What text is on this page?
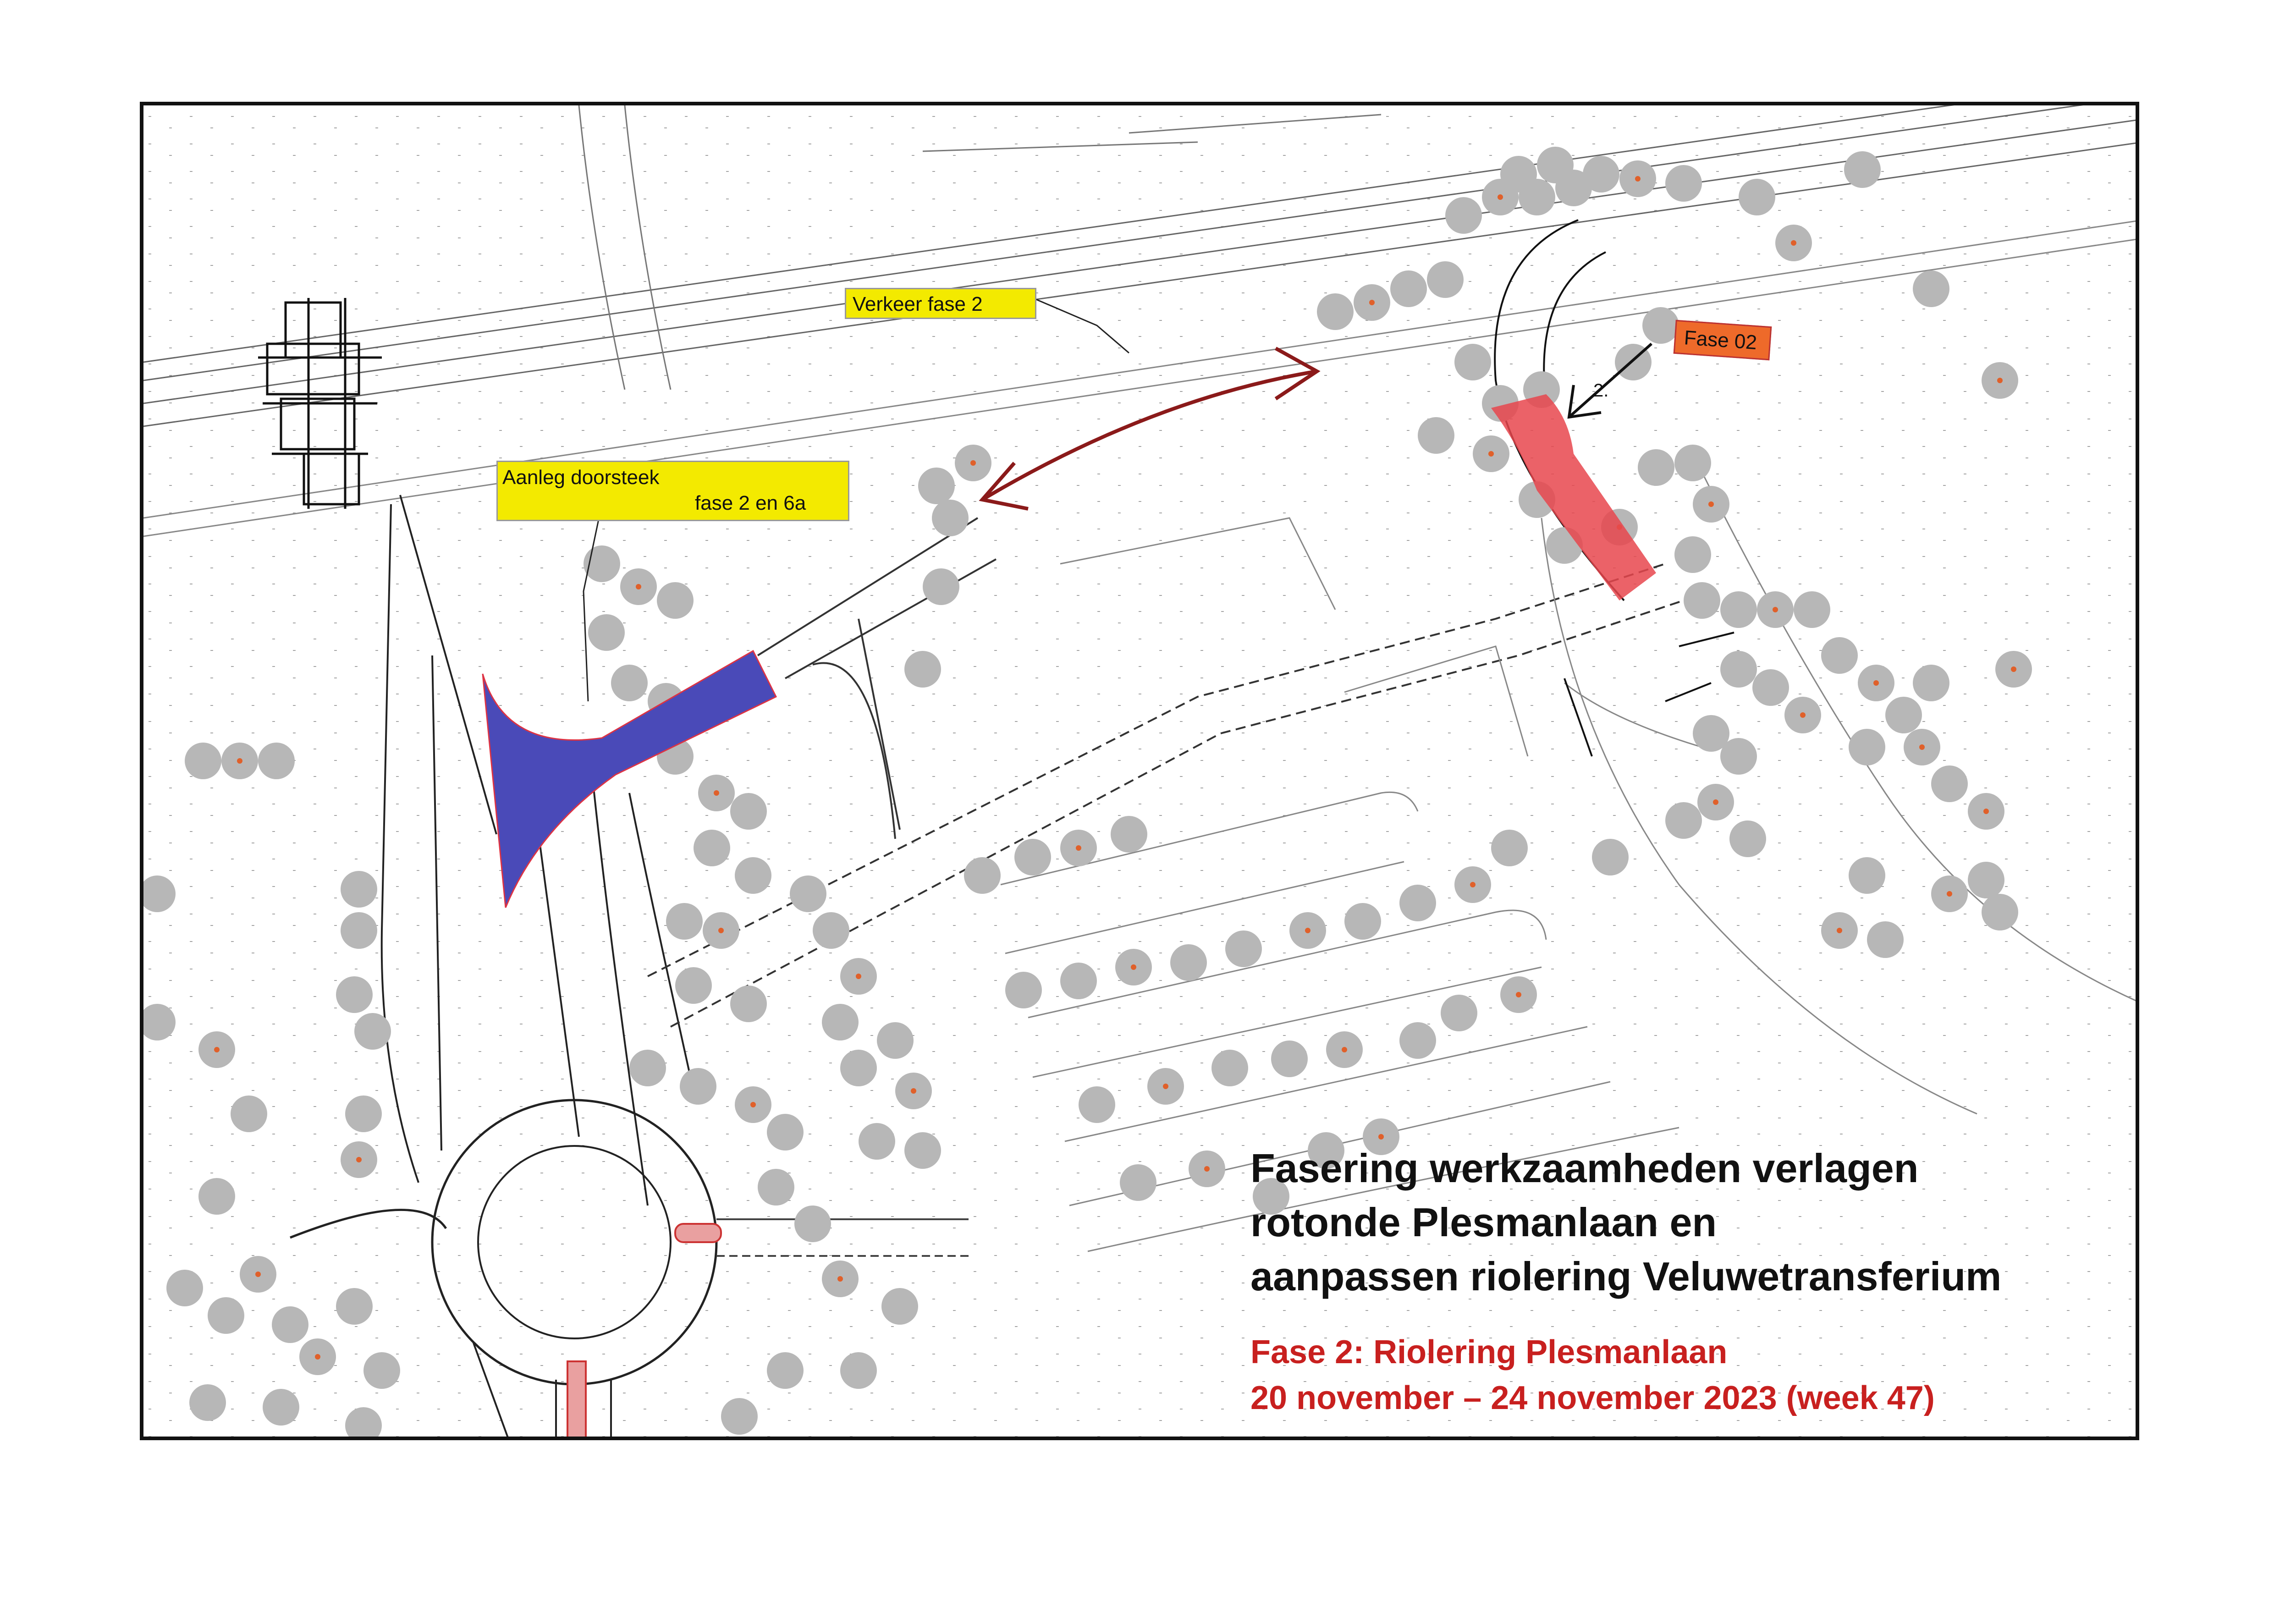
Verkeer fase 2
Aanleg doorsteek
fase 2 en 6a
Fase 02
2.
Fasering werkzaamheden verlagen
rotonde Plesmanlaan en
aanpassen riolering Veluwetransferium
Fase 2: Riolering Plesmanlaan
20 november – 24 november 2023 (week 47)
